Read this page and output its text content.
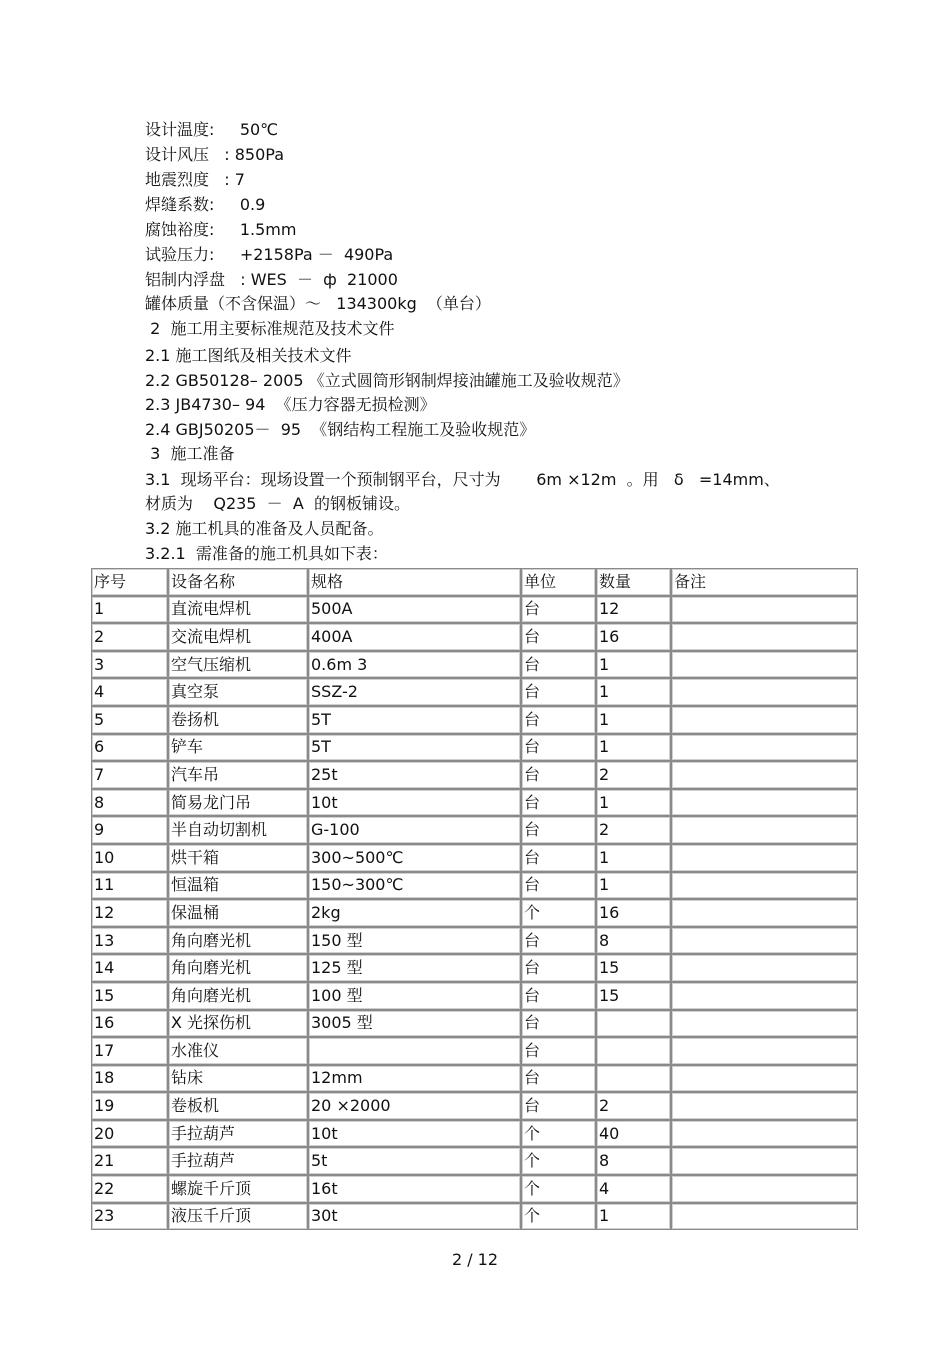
设计温度:     50℃
设计风压   : 850Pa
地震烈度   : 7
焊缝系数:     0.9
腐蚀裕度:     1.5mm
试验压力:     +2158Pa －  490Pa
铝制内浮盘   : WES  －  ф  21000
罐体质量（不含保温）～   134300kg  （单台）
2  施工用主要标准规范及技术文件
2.1 施工图纸及相关技术文件
2.2 GB50128– 2005 《立式圆筒形钢制焊接油罐施工及验收规范》
2.3 JB4730– 94  《压力容器无损检测》
2.4 GBJ50205－  95  《钢结构工程施工及验收规范》
3  施工准备
3.1  现场平台：现场设置一个预制钢平台，尺寸为       6m ×12m  。用   δ   =14mm、
材质为    Q235  －  A  的钢板铺设。
3.2 施工机具的准备及人员配备。
3.2.1  需准备的施工机具如下表：
序号	设备名称	规格	单位	数量	备注
1	直流电焊机	500A	台	12	
2	交流电焊机	400A	台	16	
3	空气压缩机	0.6m 3	台	1	
4	真空泵	SSZ-2	台	1	
5	卷扬机	5T	台	1	
6	铲车	5T	台	1	
7	汽车吊	25t	台	2	
8	简易龙门吊	10t	台	1	
9	半自动切割机	G-100	台	2	
10	烘干箱	300~500℃	台	1	
11	恒温箱	150~300℃	台	1	
12	保温桶	2kg	个	16	
13	角向磨光机	150 型	台	8	
14	角向磨光机	125 型	台	15	
15	角向磨光机	100 型	台	15	
16	X 光探伤机	3005 型	台		
17	水准仪		台		
18	钻床	12mm	台		
19	卷板机	20 ×2000	台	2	
20	手拉葫芦	10t	个	40	
21	手拉葫芦	5t	个	8	
22	螺旋千斤顶	16t	个	4	
23	液压千斤顶	30t	个	1	
2 / 12
